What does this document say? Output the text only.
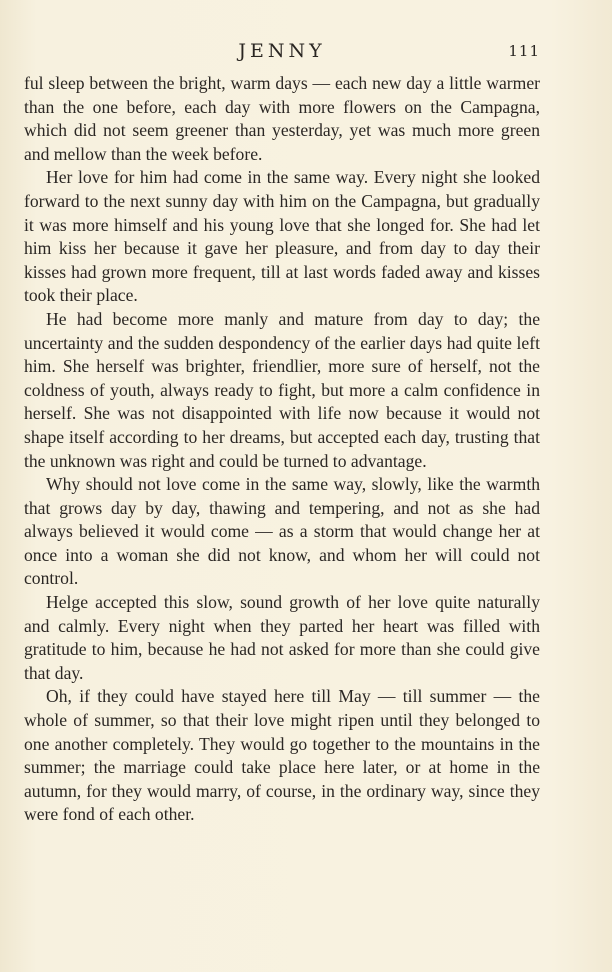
JENNY	111

ful sleep between the bright, warm days — each new day a little warmer than the one before, each day with more flowers on the Campagna, which did not seem greener than yesterday, yet was much more green and mellow than the week before.

Her love for him had come in the same way. Every night she looked forward to the next sunny day with him on the Campagna, but gradually it was more himself and his young love that she longed for. She had let him kiss her because it gave her pleasure, and from day to day their kisses had grown more frequent, till at last words faded away and kisses took their place.

He had become more manly and mature from day to day; the uncertainty and the sudden despondency of the earlier days had quite left him. She herself was brighter, friendlier, more sure of herself, not the coldness of youth, always ready to fight, but more a calm confidence in herself. She was not disappointed with life now because it would not shape itself according to her dreams, but accepted each day, trusting that the unknown was right and could be turned to advantage.

Why should not love come in the same way, slowly, like the warmth that grows day by day, thawing and tempering, and not as she had always believed it would come — as a storm that would change her at once into a woman she did not know, and whom her will could not control.

Helge accepted this slow, sound growth of her love quite naturally and calmly. Every night when they parted her heart was filled with gratitude to him, because he had not asked for more than she could give that day.

Oh, if they could have stayed here till May — till summer — the whole of summer, so that their love might ripen until they belonged to one another completely. They would go together to the mountains in the summer; the marriage could take place here later, or at home in the autumn, for they would marry, of course, in the ordinary way, since they were fond of each other.
